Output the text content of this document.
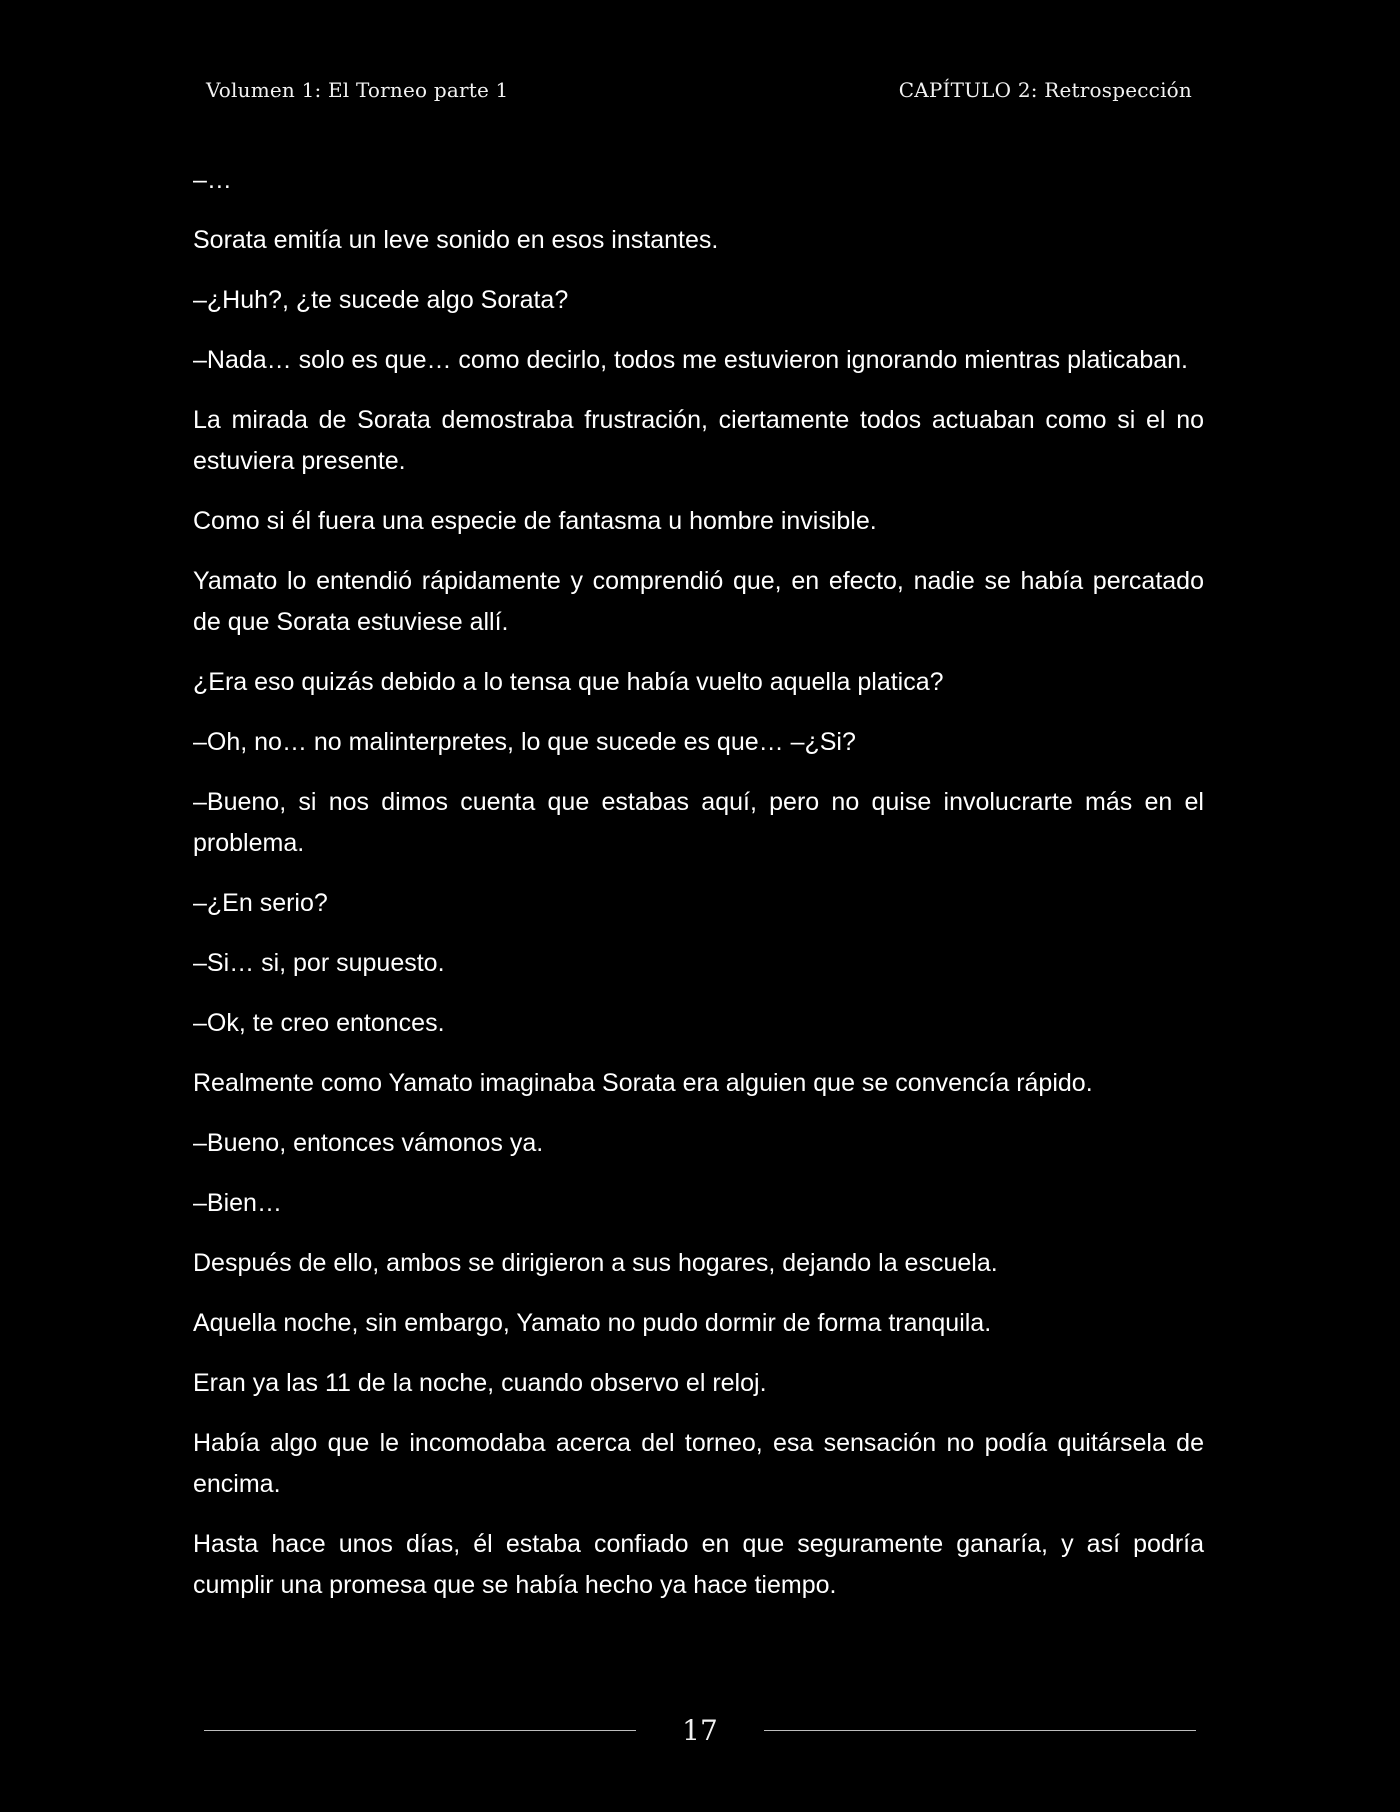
Volumen 1: El Torneo parte 1	CAPÍTULO 2: Retrospección

–…

Sorata emitía un leve sonido en esos instantes.

–¿Huh?, ¿te sucede algo Sorata?

–Nada… solo es que… como decirlo, todos me estuvieron ignorando mientras platicaban.

La mirada de Sorata demostraba frustración, ciertamente todos actuaban como si el no estuviera presente.

Como si él fuera una especie de fantasma u hombre invisible.

Yamato lo entendió rápidamente y comprendió que, en efecto, nadie se había percatado de que Sorata estuviese allí.

¿Era eso quizás debido a lo tensa que había vuelto aquella platica?

–Oh, no… no malinterpretes, lo que sucede es que… –¿Si?

–Bueno, si nos dimos cuenta que estabas aquí, pero no quise involucrarte más en el problema.

–¿En serio?

–Si… si, por supuesto.

–Ok, te creo entonces.

Realmente como Yamato imaginaba Sorata era alguien que se convencía rápido.

–Bueno, entonces vámonos ya.

–Bien…

Después de ello, ambos se dirigieron a sus hogares, dejando la escuela.

Aquella noche, sin embargo, Yamato no pudo dormir de forma tranquila.

Eran ya las 11 de la noche, cuando observo el reloj.

Había algo que le incomodaba acerca del torneo, esa sensación no podía quitársela de encima.

Hasta hace unos días, él estaba confiado en que seguramente ganaría, y así podría cumplir una promesa que se había hecho ya hace tiempo.

17
